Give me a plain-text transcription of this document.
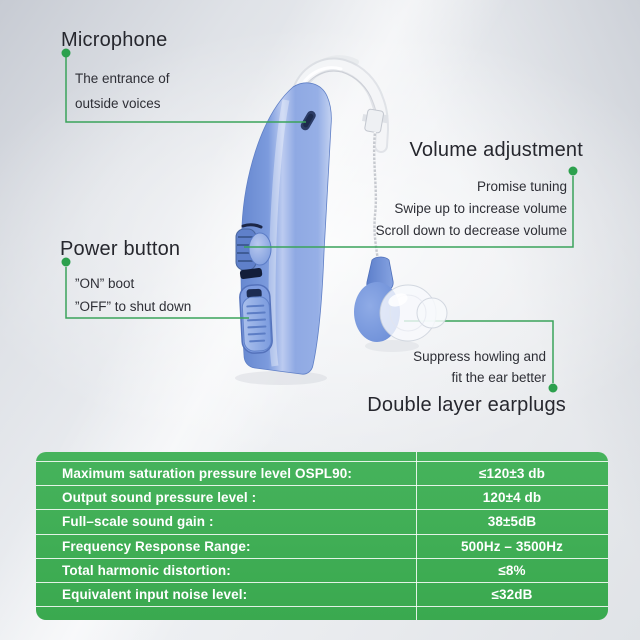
Microphone
The entrance of
outside voices
Volume adjustment
Promise tuning
Swipe up to increase volume
Scroll down to decrease volume
Power button
”ON” boot
”OFF” to shut down
Suppress howling and
fit the ear better
Double layer earplugs
Maximum saturation pressure level OSPL90:	≤120±3 db
Output sound pressure level :	120±4 db
Full–scale sound gain :	38±5dB
Frequency Response Range:	500Hz – 3500Hz
Total harmonic distortion:	≤8%
Equivalent input noise level:	≤32dB
